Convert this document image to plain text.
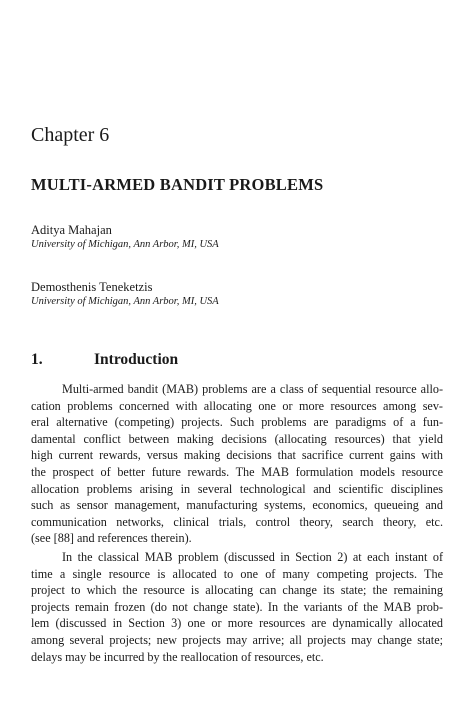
Chapter 6
MULTI-ARMED BANDIT PROBLEMS

Aditya Mahajan

University of Michigan, Ann Arbor, MI, USA

Demosthenis Teneketzis

University of Michigan, Ann Arbor, MI, USA

1.	Introduction

Multi-armed bandit (MAB) problems are a class of sequential resource allo-
cation problems concerned with allocating one or more resources among sev-
eral alternative (competing) projects. Such problems are paradigms of a fun-
damental conflict between making decisions (allocating resources) that yield
high current rewards, versus making decisions that sacrifice current gains with
the prospect of better future rewards. The MAB formulation models resource
allocation problems arising in several technological and scientific disciplines
such as sensor management, manufacturing systems, economics, queueing and
communication networks, clinical trials, control theory, search theory, etc.
(see [88] and references therein).

In the classical MAB problem (discussed in Section 2) at each instant of
time a single resource is allocated to one of many competing projects. The
project to which the resource is allocating can change its state; the remaining
projects remain frozen (do not change state). In the variants of the MAB prob-
lem (discussed in Section 3) one or more resources are dynamically allocated
among several projects; new projects may arrive; all projects may change state;
delays may be incurred by the reallocation of resources, etc.
